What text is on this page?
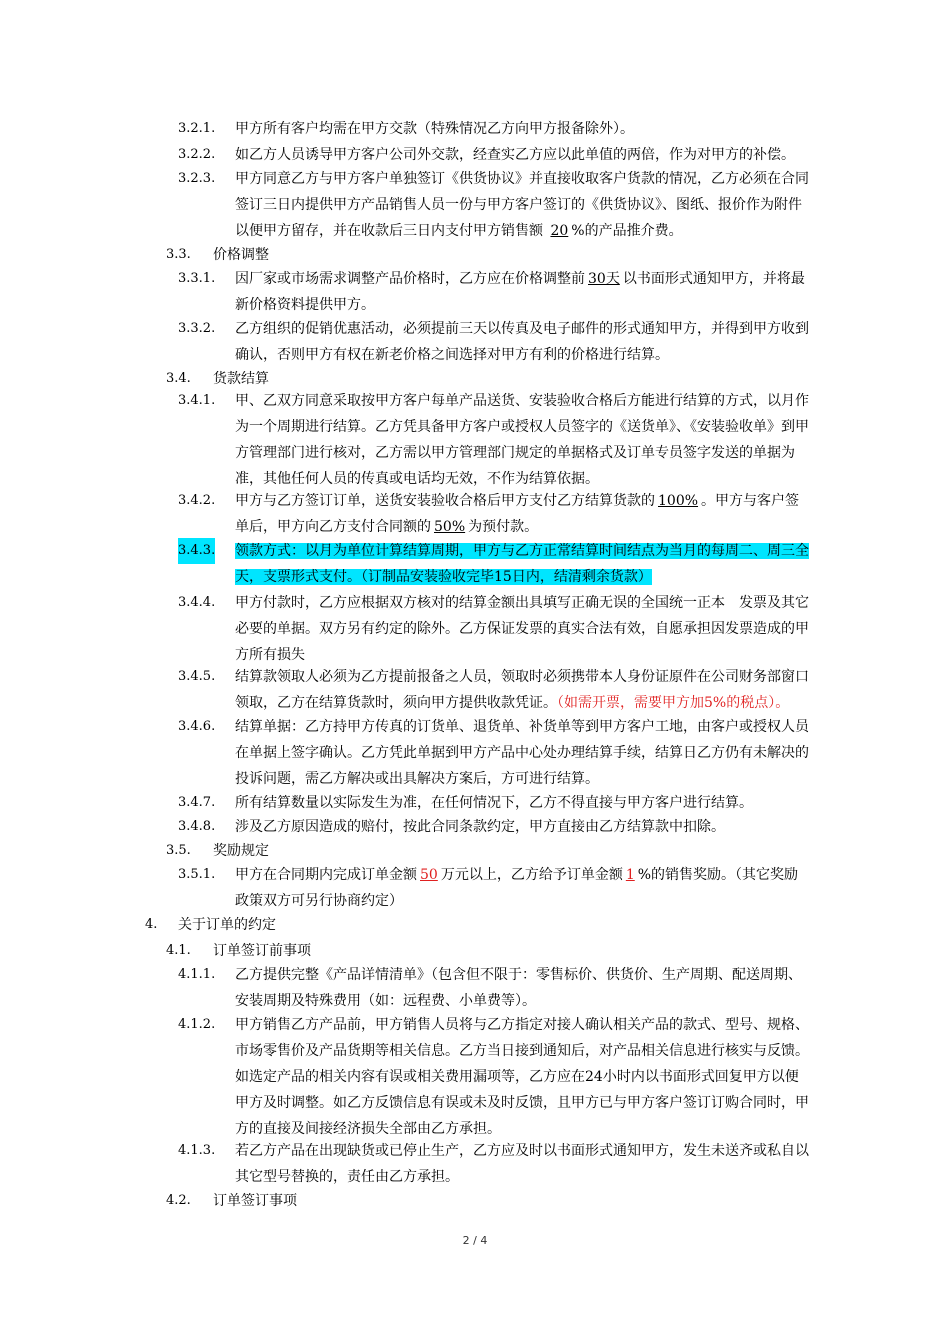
3.2.1. 甲方所有客户均需在甲方交款（特殊情况乙方向甲方报备除外）。
3.2.2. 如乙方人员诱导甲方客户公司外交款，经查实乙方应以此单值的两倍，作为对甲方的补偿。
3.2.3. 甲方同意乙方与甲方客户单独签订《供货协议》并直接收取客户货款的情况，乙方必须在合同签订三日内提供甲方产品销售人员一份与甲方客户签订的《供货协议》、图纸、报价作为附件以便甲方留存，并在收款后三日内支付甲方销售额 20 %的产品推介费。
3.3. 价格调整
3.3.1. 因厂家或市场需求调整产品价格时，乙方应在价格调整前 30天 以书面形式通知甲方，并将最新价格资料提供甲方。
3.3.2. 乙方组织的促销优惠活动，必须提前三天以传真及电子邮件的形式通知甲方，并得到甲方收到确认，否则甲方有权在新老价格之间选择对甲方有利的价格进行结算。
3.4. 货款结算
3.4.1. 甲、乙双方同意采取按甲方客户每单产品送货、安装验收合格后方能进行结算的方式，以月作为一个周期进行结算。乙方凭具备甲方客户或授权人员签字的《送货单》、《安装验收单》到甲方管理部门进行核对，乙方需以甲方管理部门规定的单据格式及订单专员签字发送的单据为准，其他任何人员的传真或电话均无效，不作为结算依据。
3.4.2. 甲方与乙方签订订单，送货安装验收合格后甲方支付乙方结算货款的 100% 。甲方与客户签单后，甲方向乙方支付合同额的 50% 为预付款。
3.4.3. 领款方式：以月为单位计算结算周期，甲方与乙方正常结算时间结点为当月的每周二、周三全天，支票形式支付。（订制品安装验收完毕15日内，结清剩余货款）
3.4.4. 甲方付款时，乙方应根据双方核对的结算金额出具填写正确无误的全国统一正本　发票及其它必要的单据。双方另有约定的除外。乙方保证发票的真实合法有效，自愿承担因发票造成的甲方所有损失
3.4.5. 结算款领取人必须为乙方提前报备之人员，领取时必须携带本人身份证原件在公司财务部窗口领取，乙方在结算货款时，须向甲方提供收款凭证。（如需开票，需要甲方加5%的税点）。
3.4.6. 结算单据：乙方持甲方传真的订货单、退货单、补货单等到甲方客户工地，由客户或授权人员在单据上签字确认。乙方凭此单据到甲方产品中心处办理结算手续，结算日乙方仍有未解决的投诉问题，需乙方解决或出具解决方案后，方可进行结算。
3.4.7. 所有结算数量以实际发生为准，在任何情况下，乙方不得直接与甲方客户进行结算。
3.4.8. 涉及乙方原因造成的赔付，按此合同条款约定，甲方直接由乙方结算款中扣除。
3.5. 奖励规定
3.5.1. 甲方在合同期内完成订单金额 50 万元以上，乙方给予订单金额 1 %的销售奖励。（其它奖励政策双方可另行协商约定）
4. 关于订单的约定
4.1. 订单签订前事项
4.1.1. 乙方提供完整《产品详情清单》（包含但不限于：零售标价、供货价、生产周期、配送周期、安装周期及特殊费用（如：远程费、小单费等）。
4.1.2. 甲方销售乙方产品前，甲方销售人员将与乙方指定对接人确认相关产品的款式、型号、规格、市场零售价及产品货期等相关信息。乙方当日接到通知后，对产品相关信息进行核实与反馈。如选定产品的相关内容有误或相关费用漏项等，乙方应在24小时内以书面形式回复甲方以便甲方及时调整。如乙方反馈信息有误或未及时反馈，且甲方已与甲方客户签订订购合同时，甲方的直接及间接经济损失全部由乙方承担。
4.1.3. 若乙方产品在出现缺货或已停止生产，乙方应及时以书面形式通知甲方，发生未送齐或私自以其它型号替换的，责任由乙方承担。
4.2. 订单签订事项
2 / 4
